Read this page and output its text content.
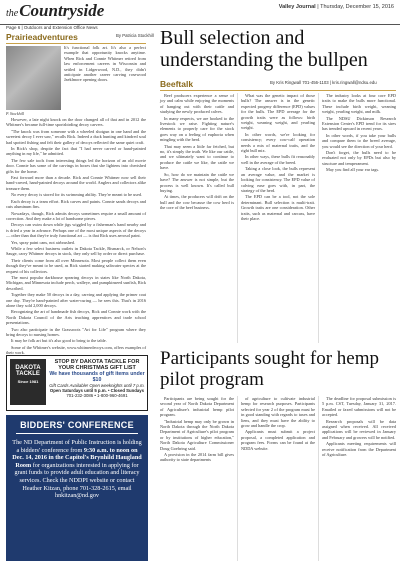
theCountryside	Valley Journal | Thursday, December 15, 2016
Page 6 | Outdoors and Extension Office News
Prairieadventures	By Patricia Stockhill
P. Stockhill

It's functional folk art. It's also a perfect example that opportunity knocks anytime. When Rick and Connie Whitmer retired from law enforcement careers in Wisconsin and settled in Lidgerwood, N.D., they didn't anticipate another career carving rosewood Jaeklmore opening doors.

However, a late night knock on the door changed all of that and in 2012 the Whitmer's became full-time sportsbirding decoy carvers.

"The knock was from someone with a wheeled shotgun in one hand and the sweetest decoy I ever saw," recalls Rick. Indeed a duck hunting and kindred soul had spotted fishing and felt their gallery of decoys reflected the same quiet craft.

In Rick's shop, despite the fact that "I had never carved or hand-painted anything in my life," he admitted.

The few sale tools from interesting things led the horizon of an old movie door. Connie has some of the carvings in boxes that she lightens into cherished gifts for the home.

Fast forward more than a decade. Rick and Connie Whitmer now sell their hand-carved, hand-painted decoys around the world. Anglers and collectors alike treasure them.

No every decoy is stored for its swimming ability. They're meant to be used.

Each decoy is a team effort. Rick carves and paints. Connie sands decoys and cuts aluminum fins.

Nowadays, though, Rick admits decoys sometimes require a small amount of correction. And they make a lot of handsome pieces.

Decoys can swim down while jigs wiggled by a fisherman's hand nearby and is dried a year in advance. Perhaps one of the most unique aspects of the decoys — other than that they're truly functional art — is that Rick uses aerosol paint.

Yes, spray paint cans, not airbrushed.

While a few select business outlets in Dakota Tackle, Bismarck, or Nelson's Sauge, carry Whitmer decoys in stock, they only sell by order or direct purchase.

Their clients come from all over Minnesota. Most people collect them even though they've meant to be used, as Rick started making saltwater species at the request of his collectors.

The most popular darkhouse spearing decoys in states like North Dakota, Michigan, and Minnesota include perch, walleye, and pumpkinseed sunfish, Rick described.

Together they make 50 decoys in a day, carving and applying the primer coat one day. They're hand-painted after water-curing — he sees this. That's in 2016 alone they sold 2,000 decoys.

Recognizing the art of handmade fish decoys, Rick and Connie work with the North Dakota Council of the Arts teaching apprentices and trade school presentations.

Two also participate in the Grassroots "Art for Life" program where they bring decoys to nursing homes.

It may be folk art but it's also good to bring to the table.

Some of the Whitmer's website, www.whitmerdecoys.com, offers examples of their work.

Bull selection and understanding the bullpen
Beeftalk	By Kris Ringwall 701-456-1103 | kris.ringwall@ndsu.edu

Beef producers experience a sense of joy and calm while enjoying the moments of hanging out with their cattle and studying the newly produced calves.

In many respects, we are hooked to the livestock we raise. Fighting nature's elements to properly care for the stock goes way on a feeling of euphoria when mingling with the herd.

That may seem a little far fetched, but no, it's simply the truth. We like our cattle, and we ultimately want to continue to produce the cattle we like, the cattle we have.

So, how do we maintain the cattle we have? The answer is not simple, but the process is well known. It's called bull buying.

At times, the producers will drift on the bull and the cow because the cow herd is the core of the beef business.

What was the genetic impact of those bulls? The answer is in the genetic expected progeny difference (EPD) values for the bulls. The EPD average for the growth traits were as follows: birth weight, weaning weight, and yearling weight.

In other words, we're looking for consistency; every cow-calf operation needs a mix of maternal traits, and the right bull mix.

In other ways, these bulls fit reasonably well in the average of the breed.

Taking a close look, the bulls represent an average value, and the market is looking for consistency. The EPD value of calving ease goes with, in part, the strategy of the herd.

The EPD can be a tool, not the sole determinant. Bull selection is multi-trait. Growth traits are one consideration. Other traits, such as maternal and carcass, have their place.

The industry looks at four core EPD traits to make the bulls more functional. These include birth weight, weaning weight, yearling weight, and milk.

The NDSU Dickinson Research Extension Center's EPD trend for its sires has trended upward in recent years.

In other words, if you take your bulls and compare them to the breed average, you would see the direction of your herd.

Don't forget, the bulls need to be evaluated not only by EPDs but also by structure and temperament.

May you find all your ear tags.

DAKOTA
TACKLE
Since 1981
STOP BY DAKOTA TACKLE FOR YOUR CHRISTMAS GIFT LIST
We have thousands of gift items under $10
Gift Cards Available! Open weeknights until 7 p.m.
Open Saturdays until 5 p.m. • Closed Sundays
701-232-3086 • 1-800-960-4691
BIDDERS' CONFERENCE
The ND Department of Public Instruction is holding a bidders' conference from 9:30 a.m. to noon on Dec. 14, 2016 in the Capitol's Brynhild Haugland Room for organizations interested in applying for grant funds to provide adult education and literacy services. Check the NDDPI website or contact Heather Kitzan, phone 701-328-2615, email hnkitzan@nd.gov
Participants sought for hemp pilot program

Participants are being sought for the second year of North Dakota Department of Agriculture's industrial hemp pilot program.

"Industrial hemp may only be grown in North Dakota through the North Dakota Department of Agriculture's pilot program or by institutions of higher education," North Dakota Agriculture Commissioner Doug Goehring said.

A provision in the 2014 farm bill gives authority to state departments

of agriculture to cultivate industrial hemp for research purposes. Participants selected for year 2 of the program must be in good standing with regards to taxes and liens, and they must have the ability to grow and handle the crop.

Applicants must submit a project proposal, a completed application and program fees. Forms can be found at the NDDA website.

The deadline for proposal submission is 5 p.m. CST, Tuesday, January 31, 2017. Emailed or faxed submissions will not be accepted.

Research proposals will be data assigned when received. All received applications will be reviewed in January and February and growers will be notified.

Applicants meeting requirements will receive notification from the Department of Agriculture.
